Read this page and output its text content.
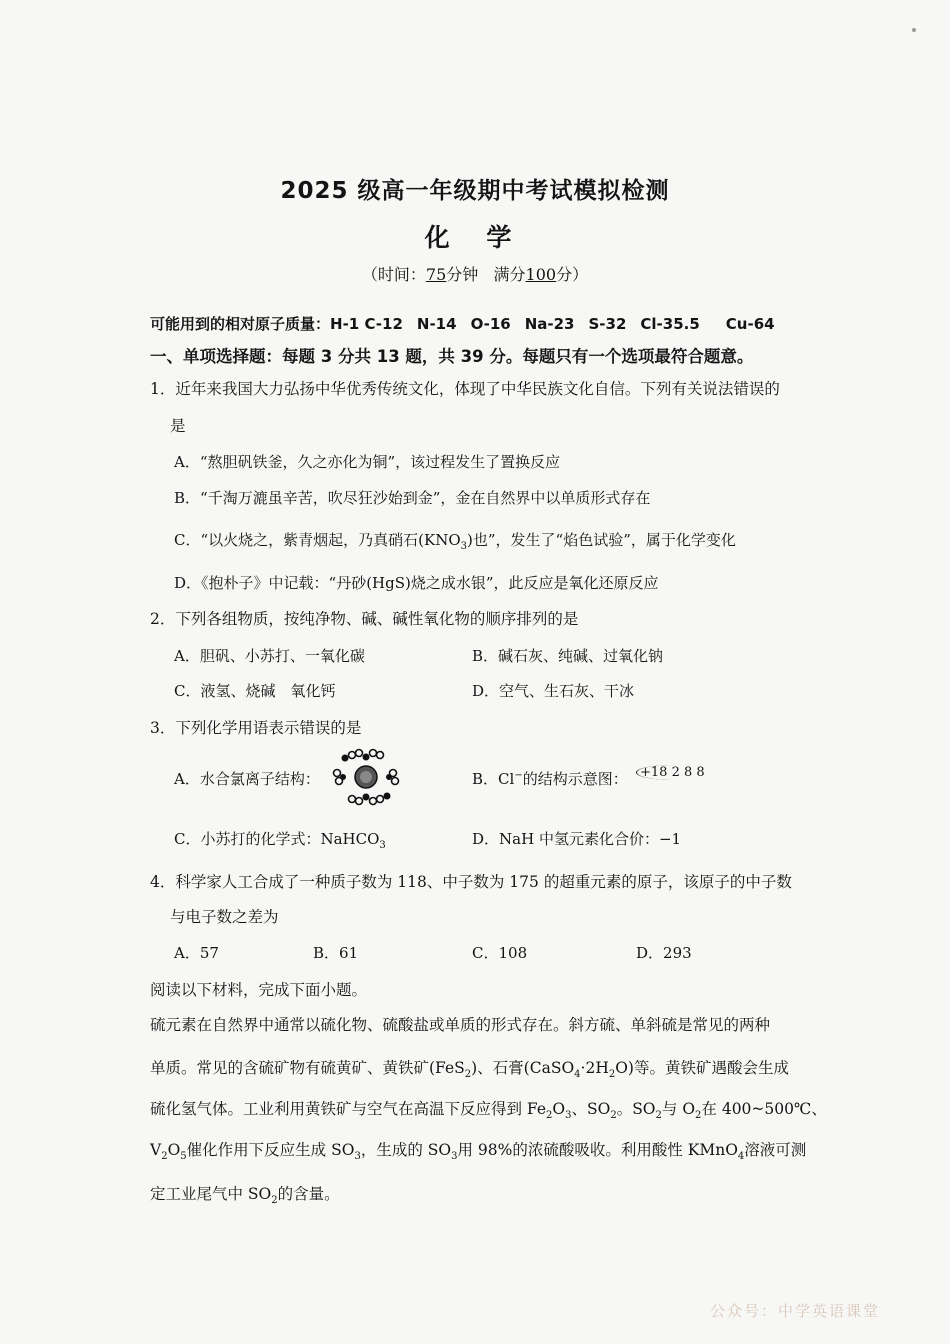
2025 级高一年级期中考试模拟检测
化 学
（时间：75分钟 满分100分）
可能用到的相对原子质量：H-1 C-12 N-14 O-16 Na-23 S-32 Cl-35.5 Cu-64
一、单项选择题：每题 3 分共 13 题，共 39 分。每题只有一个选项最符合题意。
1．近年来我国大力弘扬中华优秀传统文化，体现了中华民族文化自信。下列有关说法错误的
是
A．“熬胆矾铁釜，久之亦化为铜”，该过程发生了置换反应
B．“千淘万漉虽辛苦，吹尽狂沙始到金”，金在自然界中以单质形式存在
C．“以火烧之，紫青烟起，乃真硝石$(KNO_3)$也”，发生了“焰色试验”，属于化学变化
D．《抱朴子》中记载：“丹砂(HgS)烧之成水银”，此反应是氧化还原反应
2．下列各组物质，按纯净物、碱、碱性氧化物的顺序排列的是
A．胆矾、小苏打、一氧化碳	B．碱石灰、纯碱、过氧化钠
C．液氢、烧碱　氧化钙	D．空气、生石灰、干冰
3．下列化学用语表示错误的是
A．水合氯离子结构：	B．Cl−的结构示意图： +18 2 8 8
C．小苏打的化学式：NaHCO$_3$	D．NaH 中氢元素化合价：−1
4．科学家人工合成了一种质子数为 118、中子数为 175 的超重元素的原子，该原子的中子数
与电子数之差为
A．57	B．61	C．108	D．293
阅读以下材料，完成下面小题。
硫元素在自然界中通常以硫化物、硫酸盐或单质的形式存在。斜方硫、单斜硫是常见的两种
单质。常见的含硫矿物有硫黄矿、黄铁矿(FeS$_2$)、石膏$(CaSO_4\cdot 2H_2O)$等。黄铁矿遇酸会生成
硫化氢气体。工业利用黄铁矿与空气在高温下反应得到 $Fe_2O_3$、$SO_2$。$SO_2$与 $O_2$在 400~500℃、
$V_2O_5$催化作用下反应生成 $SO_3$，生成的 $SO_3$用 98%的浓硫酸吸收。利用酸性 KMnO$_4$溶液可测
定工业尾气中 $SO_2$的含量。
公众号：中学英语课堂
